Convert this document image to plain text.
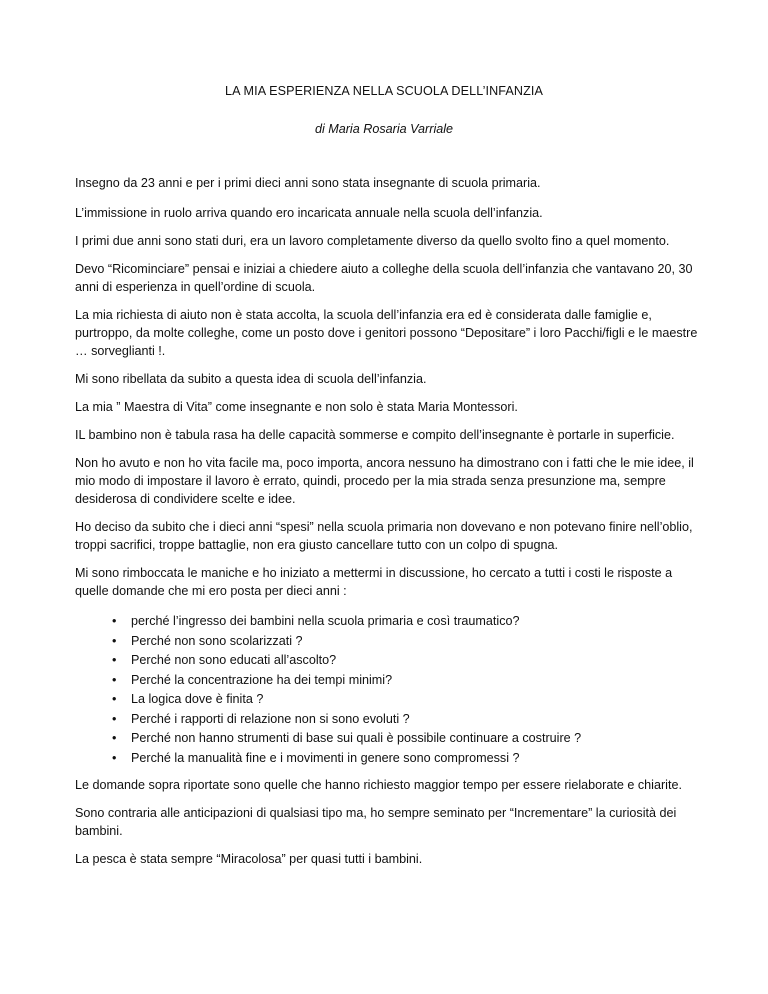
LA MIA ESPERIENZA NELLA SCUOLA DELL’INFANZIA
di Maria Rosaria Varriale

Insegno da 23 anni e per i primi dieci anni sono stata insegnante di scuola primaria.

L’immissione in ruolo arriva quando ero incaricata annuale nella scuola dell’infanzia.

I primi due anni sono stati duri, era un lavoro completamente diverso da quello svolto fino a quel momento.

Devo “Ricominciare” pensai e iniziai a chiedere aiuto a colleghe della scuola dell’infanzia che vantavano 20, 30 anni di esperienza in quell’ordine di scuola.

La mia richiesta di aiuto non è stata accolta, la scuola dell’infanzia era ed è considerata dalle famiglie e, purtroppo, da molte colleghe, come un posto dove i genitori possono “Depositare” i loro Pacchi/figli e le maestre … sorveglianti !.

Mi sono ribellata da subito a questa idea di scuola dell’infanzia.

La mia ” Maestra di Vita” come insegnante e non solo è stata Maria Montessori.

IL bambino non è tabula rasa ha delle capacità sommerse e compito dell’insegnante è portarle in superficie.

Non ho avuto e non ho vita facile ma, poco importa, ancora nessuno ha dimostrano con i fatti che le mie idee, il mio modo di impostare il lavoro è errato, quindi, procedo per la mia strada senza presunzione ma, sempre desiderosa di condividere scelte e idee.

Ho deciso da subito che i dieci anni “spesi” nella scuola primaria non dovevano e non potevano finire nell’oblio, troppi sacrifici, troppe battaglie, non era giusto cancellare tutto con un colpo di spugna.

Mi sono rimboccata le maniche e ho iniziato a mettermi in discussione, ho cercato a tutti i costi le risposte a quelle domande che mi ero posta per dieci anni :

• perché l’ingresso dei bambini nella scuola primaria e così traumatico?
• Perché non sono scolarizzati ?
• Perché non sono educati all’ascolto?
• Perché la concentrazione ha dei tempi minimi?
• La logica dove è finita ?
• Perché i rapporti di relazione non si sono evoluti ?
• Perché non hanno strumenti di base sui quali è possibile continuare a costruire ?
• Perché la manualità fine e i movimenti in genere sono compromessi ?

Le domande sopra riportate sono quelle che hanno richiesto maggior tempo per essere rielaborate e chiarite.

Sono contraria alle anticipazioni di qualsiasi tipo ma, ho sempre seminato per “Incrementare” la curiosità dei bambini.

La pesca è stata sempre “Miracolosa” per quasi tutti i bambini.
